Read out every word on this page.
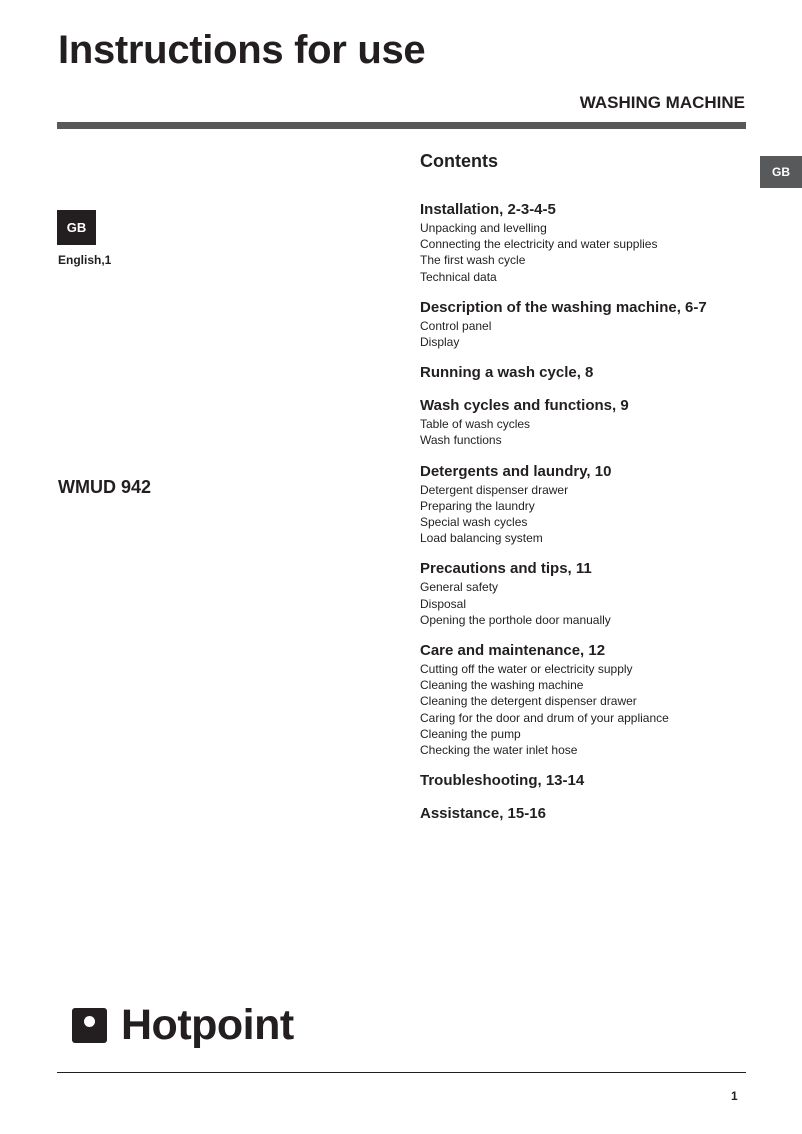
Instructions for use
WASHING MACHINE
GB
GB
English,1
WMUD 942
Contents
Installation, 2-3-4-5
Unpacking and levelling
Connecting the electricity and water supplies
The first wash cycle
Technical data
Description of the washing machine, 6-7
Control panel
Display
Running a wash cycle, 8
Wash cycles and functions, 9
Table of wash cycles
Wash functions
Detergents and laundry, 10
Detergent dispenser drawer
Preparing the laundry
Special wash cycles
Load balancing system
Precautions and tips, 11
General safety
Disposal
Opening the porthole door manually
Care and maintenance, 12
Cutting off the water or electricity supply
Cleaning the washing machine
Cleaning the detergent dispenser drawer
Caring for the door and drum of your appliance
Cleaning the pump
Checking the water inlet hose
Troubleshooting, 13-14
Assistance, 15-16
Hotpoint
1
